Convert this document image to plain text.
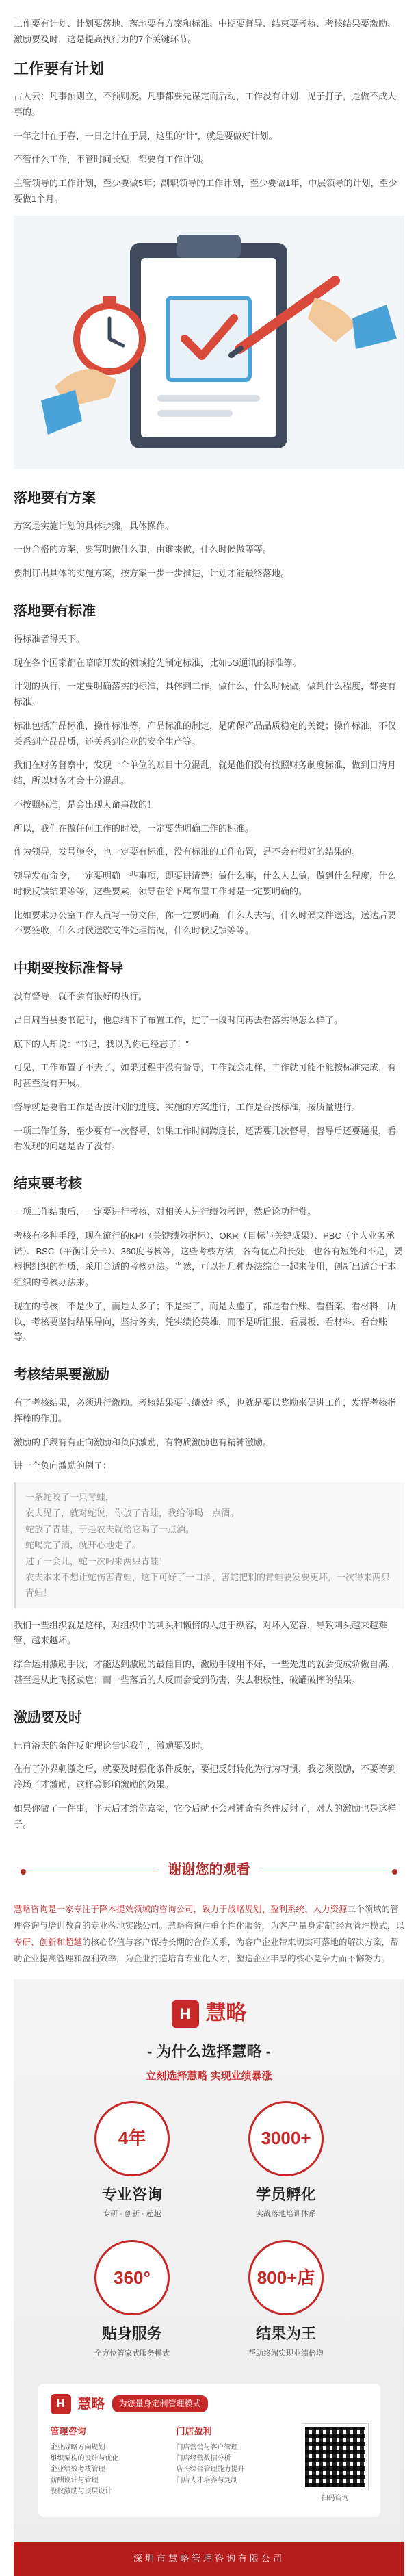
工作要有计划、计划要落地、落地要有方案和标准、中期要督导、结束要考核、考核结果要激励、激励要及时，这是提高执行力的7个关键环节。

工作要有计划

古人云：凡事预则立，不预则废。凡事都要先谋定而后动，工作没有计划，见子打子，是做不成大事的。

一年之计在于春，一日之计在于晨，这里的“计”，就是要做好计划。

不管什么工作，不管时间长短，都要有工作计划。

主管领导的工作计划，至少要做5年；副职领导的工作计划，至少要做1年，中层领导的计划，至少要做1个月。

落地要有方案

方案是实施计划的具体步骤，具体操作。

一份合格的方案，要写明做什么事，由谁来做，什么时候做等等。

要制订出具体的实施方案，按方案一步一步推进，计划才能最终落地。

落地要有标准

得标准者得天下。

现在各个国家都在暗暗开发的领域抢先制定标准，比如5G通讯的标准等。

计划的执行，一定要明确落实的标准，具体到工作，做什么，什么时候做，做到什么程度，都要有标准。

标准包括产品标准，操作标准等，产品标准的制定，是确保产品品质稳定的关键；操作标准，不仅关系到产品品质，还关系到企业的安全生产等。

我们在财务督察中，发现一个单位的账目十分混乱，就是他们没有按照财务制度标准，做到日清月结，所以财务才会十分混乱。

不按照标准，是会出现人命事故的！

所以，我们在做任何工作的时候，一定要先明确工作的标准。

作为领导，发号施令，也一定要有标准，没有标准的工作布置，是不会有很好的结果的。

领导发布命令，一定要明确一些事项，即要讲清楚：做什么事，什么人去做，做到什么程度，什么时候反馈结果等等，这些要素，领导在给下属布置工作时是一定要明确的。

比如要求办公室工作人员写一份文件，你一定要明确，什么人去写，什么时候文件送达，送达后要不要签收，什么时候送歇文件处理情况，什么时候反馈等等。

中期要按标准督导

没有督导，就不会有很好的执行。

吕日周当县委书记时，他总结下了布置工作，过了一段时间再去看落实得怎么样了。

底下的人却说：“书记，我以为你已经忘了！”

可见，工作布置了不去了，如果过程中没有督导，工作就会走样，工作就可能不能按标准完成，有时甚至没有开展。

督导就是要看工作是否按计划的进度、实施的方案进行，工作是否按标准，按质量进行。

一项工作任务，至少要有一次督导，如果工作时间跨度长，还需要几次督导，督导后还要通报，看看发现的问题是否了没有。

结束要考核

一项工作结束后，一定要进行考核，对相关人进行绩效考评，然后论功行赏。

考核有多种手段，现在流行的KPI（关键绩效指标）、OKR（目标与关键成果）、PBC（个人业务承诺）、BSC（平衡计分卡）、360度考核等，这些考核方法，各有优点和长处，也各有短处和不足，要根据组织的性质，采用合适的考核办法。当然，可以把几种办法综合一起来使用，创新出适合于本组织的考核办法来。

现在的考核，不是少了，而是太多了；不是实了，而是太虚了，都是看台账、看档案、看材料，所以，考核要坚持结果导向，坚持务实，凭实绩论英雄，而不是听汇报、看展板、看材料、看台账等。

考核结果要激励

有了考核结果，必须进行激励。考核结果要与绩效挂钩，也就是要以奖励来促进工作，发挥考核指挥棒的作用。

激励的手段有有正向激励和负向激励，有物质激励也有精神激励。

讲一个负向激励的例子：

一条蛇咬了一只青蛙，
农夫见了，就对蛇说，你放了青蛙，我给你喝一点酒。
蛇放了青蛙，于是农夫就给它喝了一点酒。
蛇喝完了酒，就开心地走了。
过了一会儿，蛇一次叼来两只青蛙！
农夫本来不想让蛇伤害青蛙，这下可好了一口酒，害蛇把剩的青蛙要发要更坏，一次得来两只青蛙！

我们一些组织就是这样，对组织中的刺头和懒惰的人过于纵容，对坏人宽容，导致刺头越来越难管，越来越坏。

综合运用激励手段，才能达到激励的最佳目的，激励手段用不好，一些先进的就会变成骄傲自满，甚至是从此飞扬跋扈；而一些落后的人反而会受到伤害，失去积极性，破罐破摔的结果。

激励要及时

巴甫洛夫的条件反射理论告诉我们，激励要及时。

在有了外界刺激之后，就要及时强化条件反射，要把反射转化为行为习惯，我必须激励，不要等到冷场了才激励，这样会影响激励的效果。

如果你做了一件事，半天后才给你嘉奖，它今后就不会对神奇有条件反射了，对人的激励也是这样子。

谢谢您的观看

慧略咨询是一家专注于降本提效领域的咨询公司，致力于战略规划、盈利系统、人力资源三个领域的管理咨询与培训教育的专业落地实践公司。慧略咨询注重个性化服务，为客户“量身定制”经营管理模式，以专研、创新和超越的核心价值与客户保持长期的合作关系，为客户企业带来切实可落地的解决方案，帮助企业提高管理和盈利效率，为企业打造培育专业化人才，塑造企业丰厚的核心竞争力而不懈努力。

H 慧略
- 为什么选择慧略 -
立刻选择慧略 实现业绩暴涨
4年
专业咨询
专研 · 创新 · 超越
3000+
学员孵化
实战落地培训体系
360°
贴身服务
全方位管家式服务模式
800+店
结果为王
帮助终端实现业绩倍增
H 慧略	为您量身定制管理模式
管理咨询
企业战略方向规划
组织架构的设计与优化
企业绩效考核管理
薪酬设计与管理
股权激励与顶层设计
门店盈利
门店营销与客户管理
门店经营数据分析
店长综合管理能力提升
门店人才培养与复制
扫码咨询
深圳市慧略管理咨询有限公司
